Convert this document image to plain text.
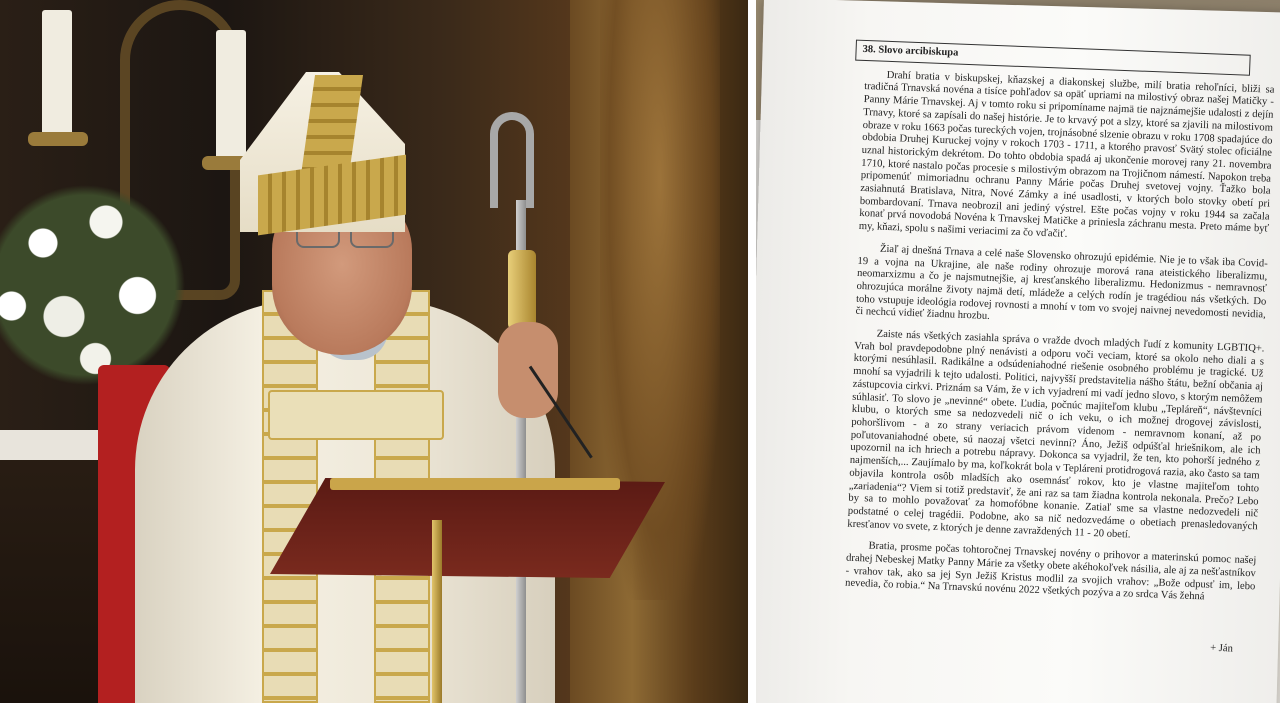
38. Slovo arcibiskupa

Drahí bratia v biskupskej, kňazskej a diakonskej službe, milí bratia rehoľníci, bliži sa tradičná Trnavská novéna a tisíce pohľadov sa opäť upriami na milostivý obraz našej Matičky - Panny Márie Trnavskej. Aj v tomto roku si pripomíname najmä tie najznámejšie udalosti z dejín Trnavy, ktoré sa zapísali do našej histórie. Je to krvavý pot a slzy, ktoré sa zjavili na milostivom obraze v roku 1663 počas tureckých vojen, trojnásobné slzenie obrazu v roku 1708 spadajúce do obdobia Druhej Kuruckej vojny v rokoch 1703 - 1711, a ktorého pravosť Svätý stolec oficiálne uznal historickým dekrétom. Do tohto obdobia spadá aj ukončenie morovej rany 21. novembra 1710, ktoré nastalo počas procesie s milostivým obrazom na Trojičnom námestí. Napokon treba pripomenúť mimoriadnu ochranu Panny Márie počas Druhej svetovej vojny. Ťažko bola zasiahnutá Bratislava, Nitra, Nové Zámky a iné usadlosti, v ktorých bolo stovky obetí pri bombardovaní. Trnava neobrozil ani jediný výstrel. Ešte počas vojny v roku 1944 sa začala konať prvá novodobá Novéna k Trnavskej Matičke a priniesla záchranu mesta. Preto máme byť my, kňazi, spolu s našimi veriacimi za čo vďačiť.

Žiaľ aj dnešná Trnava a celé naše Slovensko ohrozujú epidémie. Nie je to však iba Covid-19 a vojna na Ukrajine, ale naše rodiny ohrozuje morová rana ateistického liberalizmu, neomarxizmu a čo je najsmutnejšie, aj kresťanského liberalizmu. Hedonizmus - nemravnosť ohrozujúca morálne životy najmä detí, mládeže a celých rodín je tragédiou nás všetkých. Do toho vstupuje ideológia rodovej rovnosti a mnohí v tom vo svojej naivnej nevedomosti nevidia, či nechcú vidieť žiadnu hrozbu.

Zaiste nás všetkých zasiahla správa o vražde dvoch mladých ľudí z komunity LGBTIQ+. Vrah bol pravdepodobne plný nenávisti a odporu voči veciam, ktoré sa okolo neho diali a s ktorými nesúhlasil. Radikálne a odsúdeniahodné riešenie osobného problému je tragické. Už mnohí sa vyjadrili k tejto udalosti. Politici, najvyšší predstavitelia nášho štátu, bežní občania aj zástupcovia cirkvi. Priznám sa Vám, že v ich vyjadrení mi vadí jedno slovo, s ktorým nemôžem súhlasiť. To slovo je „nevinné“ obete. Ľudia, počnúc majiteľom klubu „Tepláreň“, návštevníci klubu, o ktorých sme sa nedozvedeli nič o ich veku, o ich možnej drogovej závislosti, pohoršlivom - a zo strany veriacich právom videnom - nemravnom konaní, až po poľutovaniahodné obete, sú naozaj všetci nevinní? Áno, Ježiš odpúšťal hriešnikom, ale ich upozornil na ich hriech a potrebu nápravy. Dokonca sa vyjadril, že ten, kto pohorší jedného z najmenších,... Zaujímalo by ma, koľkokrát bola v Tepláreni protidrogová razia, ako často sa tam objavila kontrola osôb mladších ako osemnásť rokov, kto je vlastne majiteľom tohto „zariadenia“? Viem si totiž predstaviť, že ani raz sa tam žiadna kontrola nekonala. Prečo? Lebo by sa to mohlo považovať za homofóbne konanie. Zatiaľ sme sa vlastne nedozvedeli nič podstatné o celej tragédii. Podobne, ako sa nič nedozvedáme o obetiach prenasledovaných kresťanov vo svete, z ktorých je denne zavraždených 11 - 20 obetí.

Bratia, prosme počas tohtoročnej Trnavskej novény o prihovor a materinskú pomoc našej drahej Nebeskej Matky Panny Márie za všetky obete akéhokoľvek násilia, ale aj za nešťastníkov - vrahov tak, ako sa jej Syn Ježiš Kristus modlil za svojich vrahov: „Bože odpusť im, lebo nevedia, čo robia.“ Na Trnavskú novénu 2022 všetkých pozýva a zo srdca Vás žehná

+ Ján
